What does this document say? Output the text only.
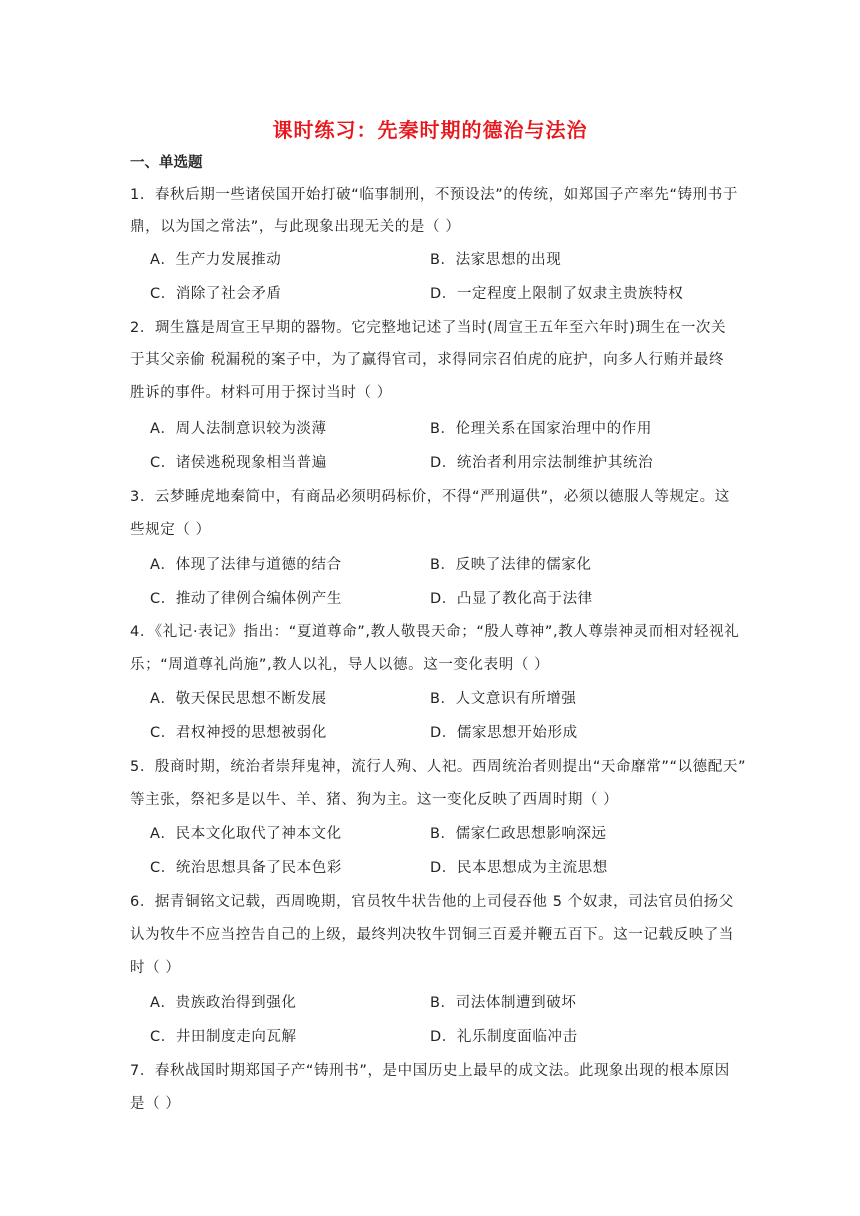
课时练习：先秦时期的德治与法治
一、单选题
1．春秋后期一些诸侯国开始打破“临事制刑，不预设法”的传统，如郑国子产率先“铸刑书于
鼎，以为国之常法”，与此现象出现无关的是（ ）
A．生产力发展推动	B．法家思想的出现
C．消除了社会矛盾	D．一定程度上限制了奴隶主贵族特权
2．琱生簋是周宣王早期的器物。它完整地记述了当时(周宣王五年至六年时)琱生在一次关
于其父亲偷 税漏税的案子中，为了赢得官司，求得同宗召伯虎的庇护，向多人行贿并最终
胜诉的事件。材料可用于探讨当时（ ）
A．周人法制意识较为淡薄	B．伦理关系在国家治理中的作用
C．诸侯逃税现象相当普遍	D．统治者利用宗法制维护其统治
3．云梦睡虎地秦简中，有商品必须明码标价，不得“严刑逼供”，必须以德服人等规定。这
些规定（ ）
A．体现了法律与道德的结合	B．反映了法律的儒家化
C．推动了律例合编体例产生	D．凸显了教化高于法律
4．《礼记·表记》指出：“夏道尊命”,教人敬畏天命；“殷人尊神”,教人尊崇神灵而相对轻视礼
乐；“周道尊礼尚施”,教人以礼，导人以德。这一变化表明（ ）
A．敬天保民思想不断发展	B．人文意识有所增强
C．君权神授的思想被弱化	D．儒家思想开始形成
5．殷商时期，统治者崇拜鬼神，流行人殉、人祀。西周统治者则提出“天命靡常”“以德配天”
等主张，祭祀多是以牛、羊、猪、狗为主。这一变化反映了西周时期（ ）
A．民本文化取代了神本文化	B．儒家仁政思想影响深远
C．统治思想具备了民本色彩	D．民本思想成为主流思想
6．据青铜铭文记载，西周晚期，官员牧牛状告他的上司侵吞他 5 个奴隶，司法官员伯扬父
认为牧牛不应当控告自己的上级，最终判决牧牛罚铜三百爰并鞭五百下。这一记载反映了当
时（ ）
A．贵族政治得到强化	B．司法体制遭到破坏
C．井田制度走向瓦解	D．礼乐制度面临冲击
7．春秋战国时期郑国子产“铸刑书”，是中国历史上最早的成文法。此现象出现的根本原因
是（ ）
